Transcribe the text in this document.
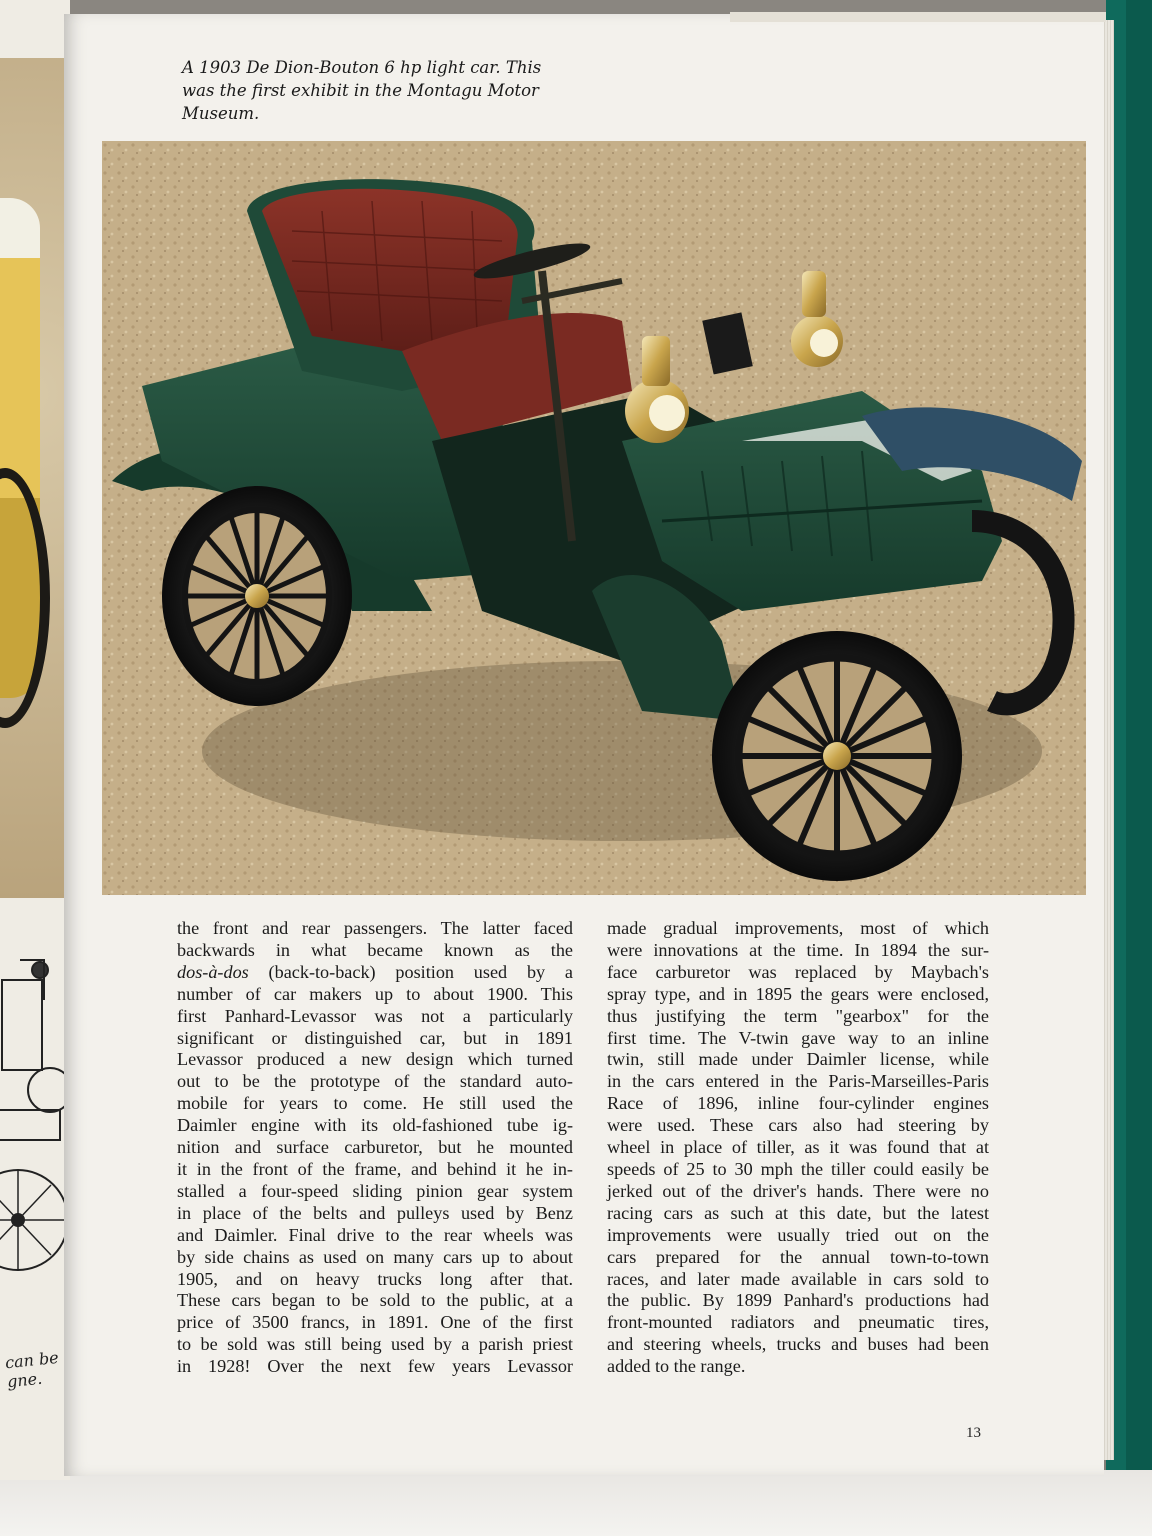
can be
gne.
A 1903 De Dion-Bouton 6 hp light car. This
was the first exhibit in the Montagu Motor
Museum.
the front and rear passengers. The latter faced
backwards in what became known as the
dos-à-dos (back-to-back) position used by a
number of car makers up to about 1900. This
first Panhard-Levassor was not a particularly
significant or distinguished car, but in 1891
Levassor produced a new design which turned
out to be the prototype of the standard auto-
mobile for years to come. He still used the
Daimler engine with its old-fashioned tube ig-
nition and surface carburetor, but he mounted
it in the front of the frame, and behind it he in-
stalled a four-speed sliding pinion gear system
in place of the belts and pulleys used by Benz
and Daimler. Final drive to the rear wheels was
by side chains as used on many cars up to about
1905, and on heavy trucks long after that.
These cars began to be sold to the public, at a
price of 3500 francs, in 1891. One of the first
to be sold was still being used by a parish priest
in 1928! Over the next few years Levassor
made gradual improvements, most of which
were innovations at the time. In 1894 the sur-
face carburetor was replaced by Maybach's
spray type, and in 1895 the gears were enclosed,
thus justifying the term "gearbox" for the
first time. The V-twin gave way to an inline
twin, still made under Daimler license, while
in the cars entered in the Paris-Marseilles-Paris
Race of 1896, inline four-cylinder engines
were used. These cars also had steering by
wheel in place of tiller, as it was found that at
speeds of 25 to 30 mph the tiller could easily be
jerked out of the driver's hands. There were no
racing cars as such at this date, but the latest
improvements were usually tried out on the
cars prepared for the annual town-to-town
races, and later made available in cars sold to
the public. By 1899 Panhard's productions had
front-mounted radiators and pneumatic tires,
and steering wheels, trucks and buses had been
added to the range.
13
